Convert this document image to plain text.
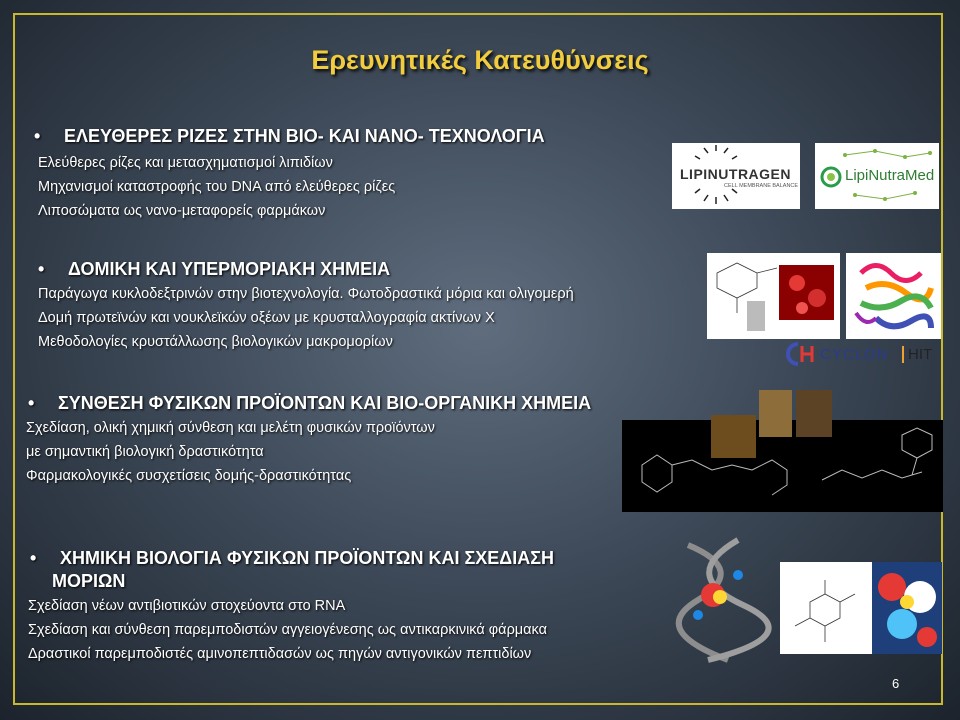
Ερευνητικές Κατευθύνσεις
• ΕΛΕΥΘΕΡΕΣ ΡΙΖΕΣ ΣΤΗΝ ΒΙΟ- ΚΑΙ ΝΑΝΟ- ΤΕΧΝΟΛΟΓΙΑ
Ελεύθερες ρίζες και μετασχηματισμοί λιπιδίων
Μηχανισμοί καταστροφής του DNA από ελεύθερες ρίζες
Λιποσώματα ως νανο-μεταφορείς φαρμάκων
• ΔΟΜΙΚΗ ΚΑΙ ΥΠΕΡΜΟΡΙΑΚΗ ΧΗΜΕΙΑ
Παράγωγα κυκλοδεξτρινών στην βιοτεχνολογία. Φωτοδραστικά μόρια και ολιγομερή
Δομή πρωτεϊνών και νουκλεϊκών οξέων με κρυσταλλογραφία ακτίνων Χ
Μεθοδολογίες κρυστάλλωσης βιολογικών μακρομορίων
• ΣΥΝΘΕΣΗ ΦΥΣΙΚΩΝ ΠΡΟΪΟΝΤΩΝ ΚΑΙ ΒΙΟ-ΟΡΓΑΝΙΚΗ ΧΗΜΕΙΑ
Σχεδίαση, ολική χημική σύνθεση και μελέτη φυσικών προϊόντων
με σημαντική βιολογική δραστικότητα
Φαρμακολογικές συσχετίσεις δομής-δραστικότητας
• ΧΗΜΙΚΗ ΒΙΟΛΟΓΙΑ ΦΥΣΙΚΩΝ ΠΡΟΪΟΝΤΩΝ ΚΑΙ ΣΧΕΔΙΑΣΗ
ΜΟΡΙΩΝ
Σχεδίαση νέων αντιβιοτικών στοχεύοντα στο RNA
Σχεδίαση και σύνθεση παρεμποδιστών αγγειογένεσης ως αντικαρκινικά φάρμακα
Δραστικοί παρεμποδιστές αμινοπεπτιδασών ως πηγών αντιγονικών πεπτιδίων
LIPINUTRAGEN
CELL MEMBRANE BALANCE
LipiNutraMed
CYCLON	HIT
6
